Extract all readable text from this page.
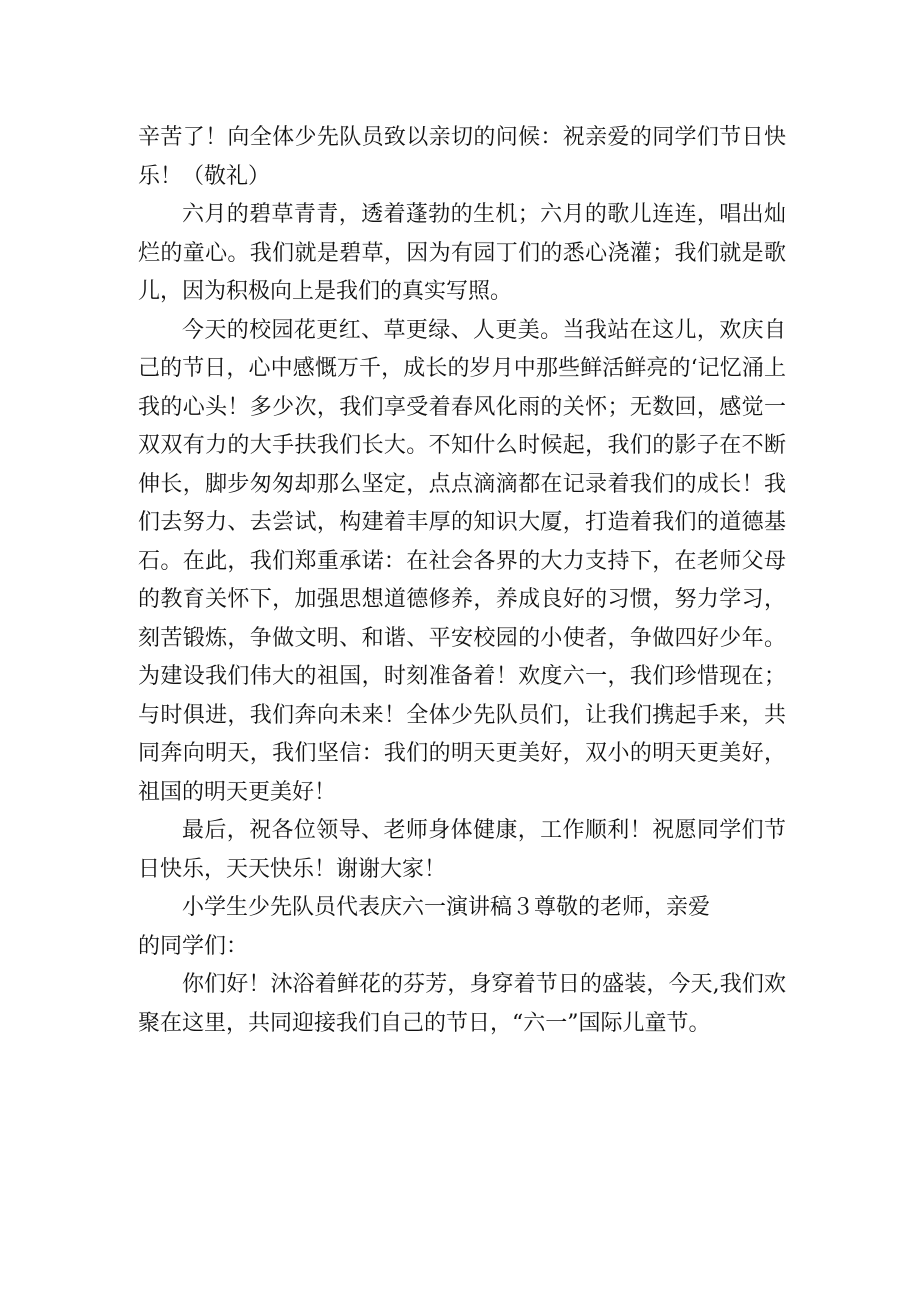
辛苦了！向全体少先队员致以亲切的问候：祝亲爱的同学们节日快乐！（敬礼）

六月的碧草青青，透着蓬勃的生机；六月的歌儿连连，唱出灿烂的童心。我们就是碧草，因为有园丁们的悉心浇灌；我们就是歌儿，因为积极向上是我们的真实写照。

今天的校园花更红、草更绿、人更美。当我站在这儿，欢庆自己的节日，心中感慨万千，成长的岁月中那些鲜活鲜亮的‘记忆涌上我的心头！多少次，我们享受着春风化雨的关怀；无数回，感觉一双双有力的大手扶我们长大。不知什么时候起，我们的影子在不断伸长，脚步匆匆却那么坚定，点点滴滴都在记录着我们的成长！我们去努力、去尝试，构建着丰厚的知识大厦，打造着我们的道德基石。在此，我们郑重承诺：在社会各界的大力支持下，在老师父母的教育关怀下，加强思想道德修养，养成良好的习惯，努力学习，刻苦锻炼，争做文明、和谐、平安校园的小使者，争做四好少年。为建设我们伟大的祖国，时刻准备着！欢度六一，我们珍惜现在；与时俱进，我们奔向未来！全体少先队员们，让我们携起手来，共同奔向明天，我们坚信：我们的明天更美好，双小的明天更美好，祖国的明天更美好！

最后，祝各位领导、老师身体健康，工作顺利！祝愿同学们节日快乐，天天快乐！谢谢大家！

小学生少先队员代表庆六一演讲稿３尊敬的老师，亲爱

的同学们：

你们好！沐浴着鲜花的芬芳，身穿着节日的盛装，今天,我们欢聚在这里，共同迎接我们自己的节日，“六一”国际儿童节。
